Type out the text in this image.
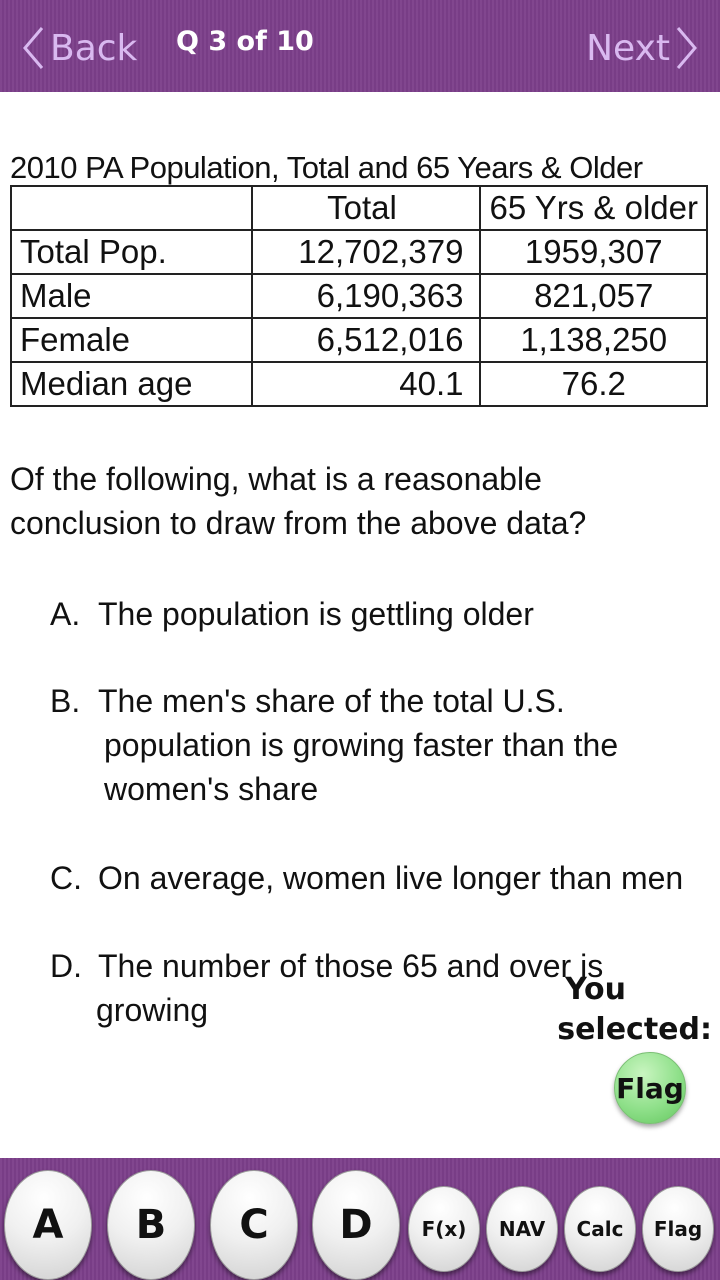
Back Q 3 of 10	Next
2010 PA Population, Total and 65 Years & Older
	Total	65 Yrs & older
Total Pop.	12,702,379	1959,307
Male	6,190,363	821,057
Female	6,512,016	1,138,250
Median age	40.1	76.2
Of the following, what is a reasonable conclusion to draw from the above data?
A. The population is gettling older
B. The men's share of the total U.S.
population is growing faster than the women's share
C. On average, women live longer than men
D. The number of those 65 and over is
growing
You
selected:
Flag
A	B	C	D	F(x)	NAV	Calc	Flag
